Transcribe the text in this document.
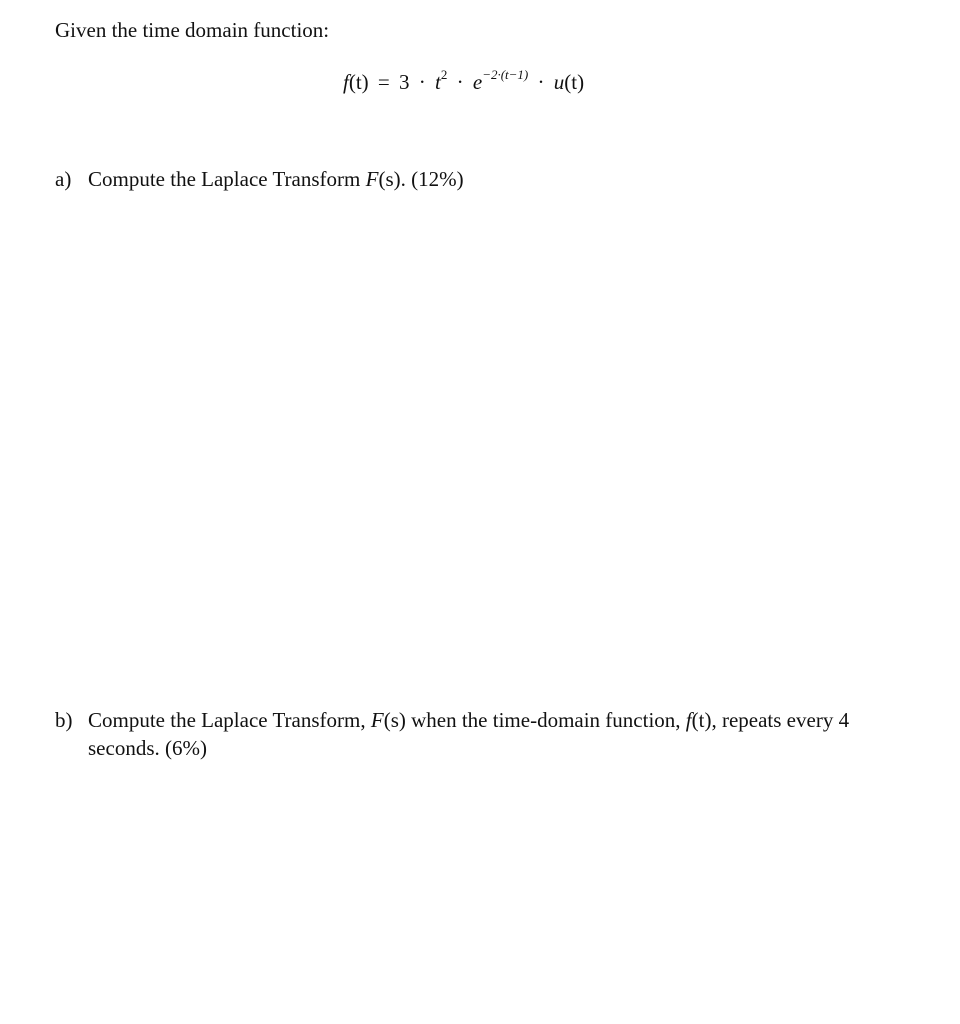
Given the time domain function:

$f(t) = 3 \cdot t^2 \cdot e^{-2\cdot(t-1)} \cdot u(t)$
a) Compute the Laplace Transform F(s). (12%)
b) Compute the Laplace Transform, F(s) when the time-domain function, f(t), repeats every 4 seconds. (6%)
